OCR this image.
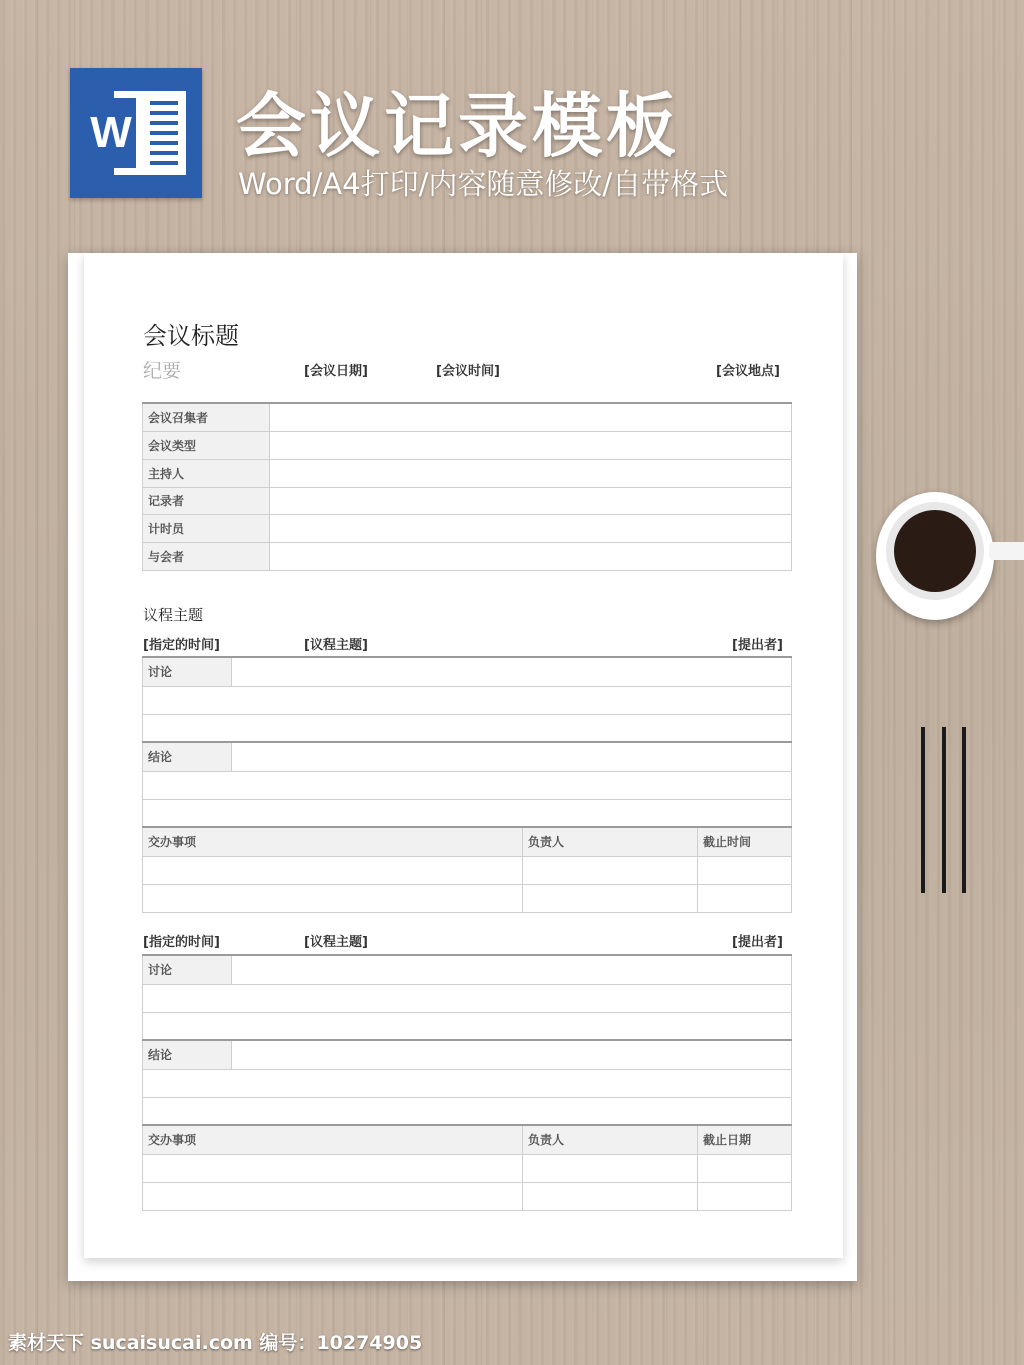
W 会议记录模板
Word/A4打印/内容随意修改/自带格式
会议标题
纪要	[会议日期]	[会议时间]	[会议地点]
会议召集者	
会议类型	
主持人	
记录者	
计时员	
与会者	
议程主题
[指定的时间]	[议程主题]	[提出者]
讨论	

结论	

交办事项	负责人	截止时间

[指定的时间]	[议程主题]	[提出者]
讨论	

结论	

交办事项	负责人	截止日期

素材天下 sucaisucai.com 编号：10274905
